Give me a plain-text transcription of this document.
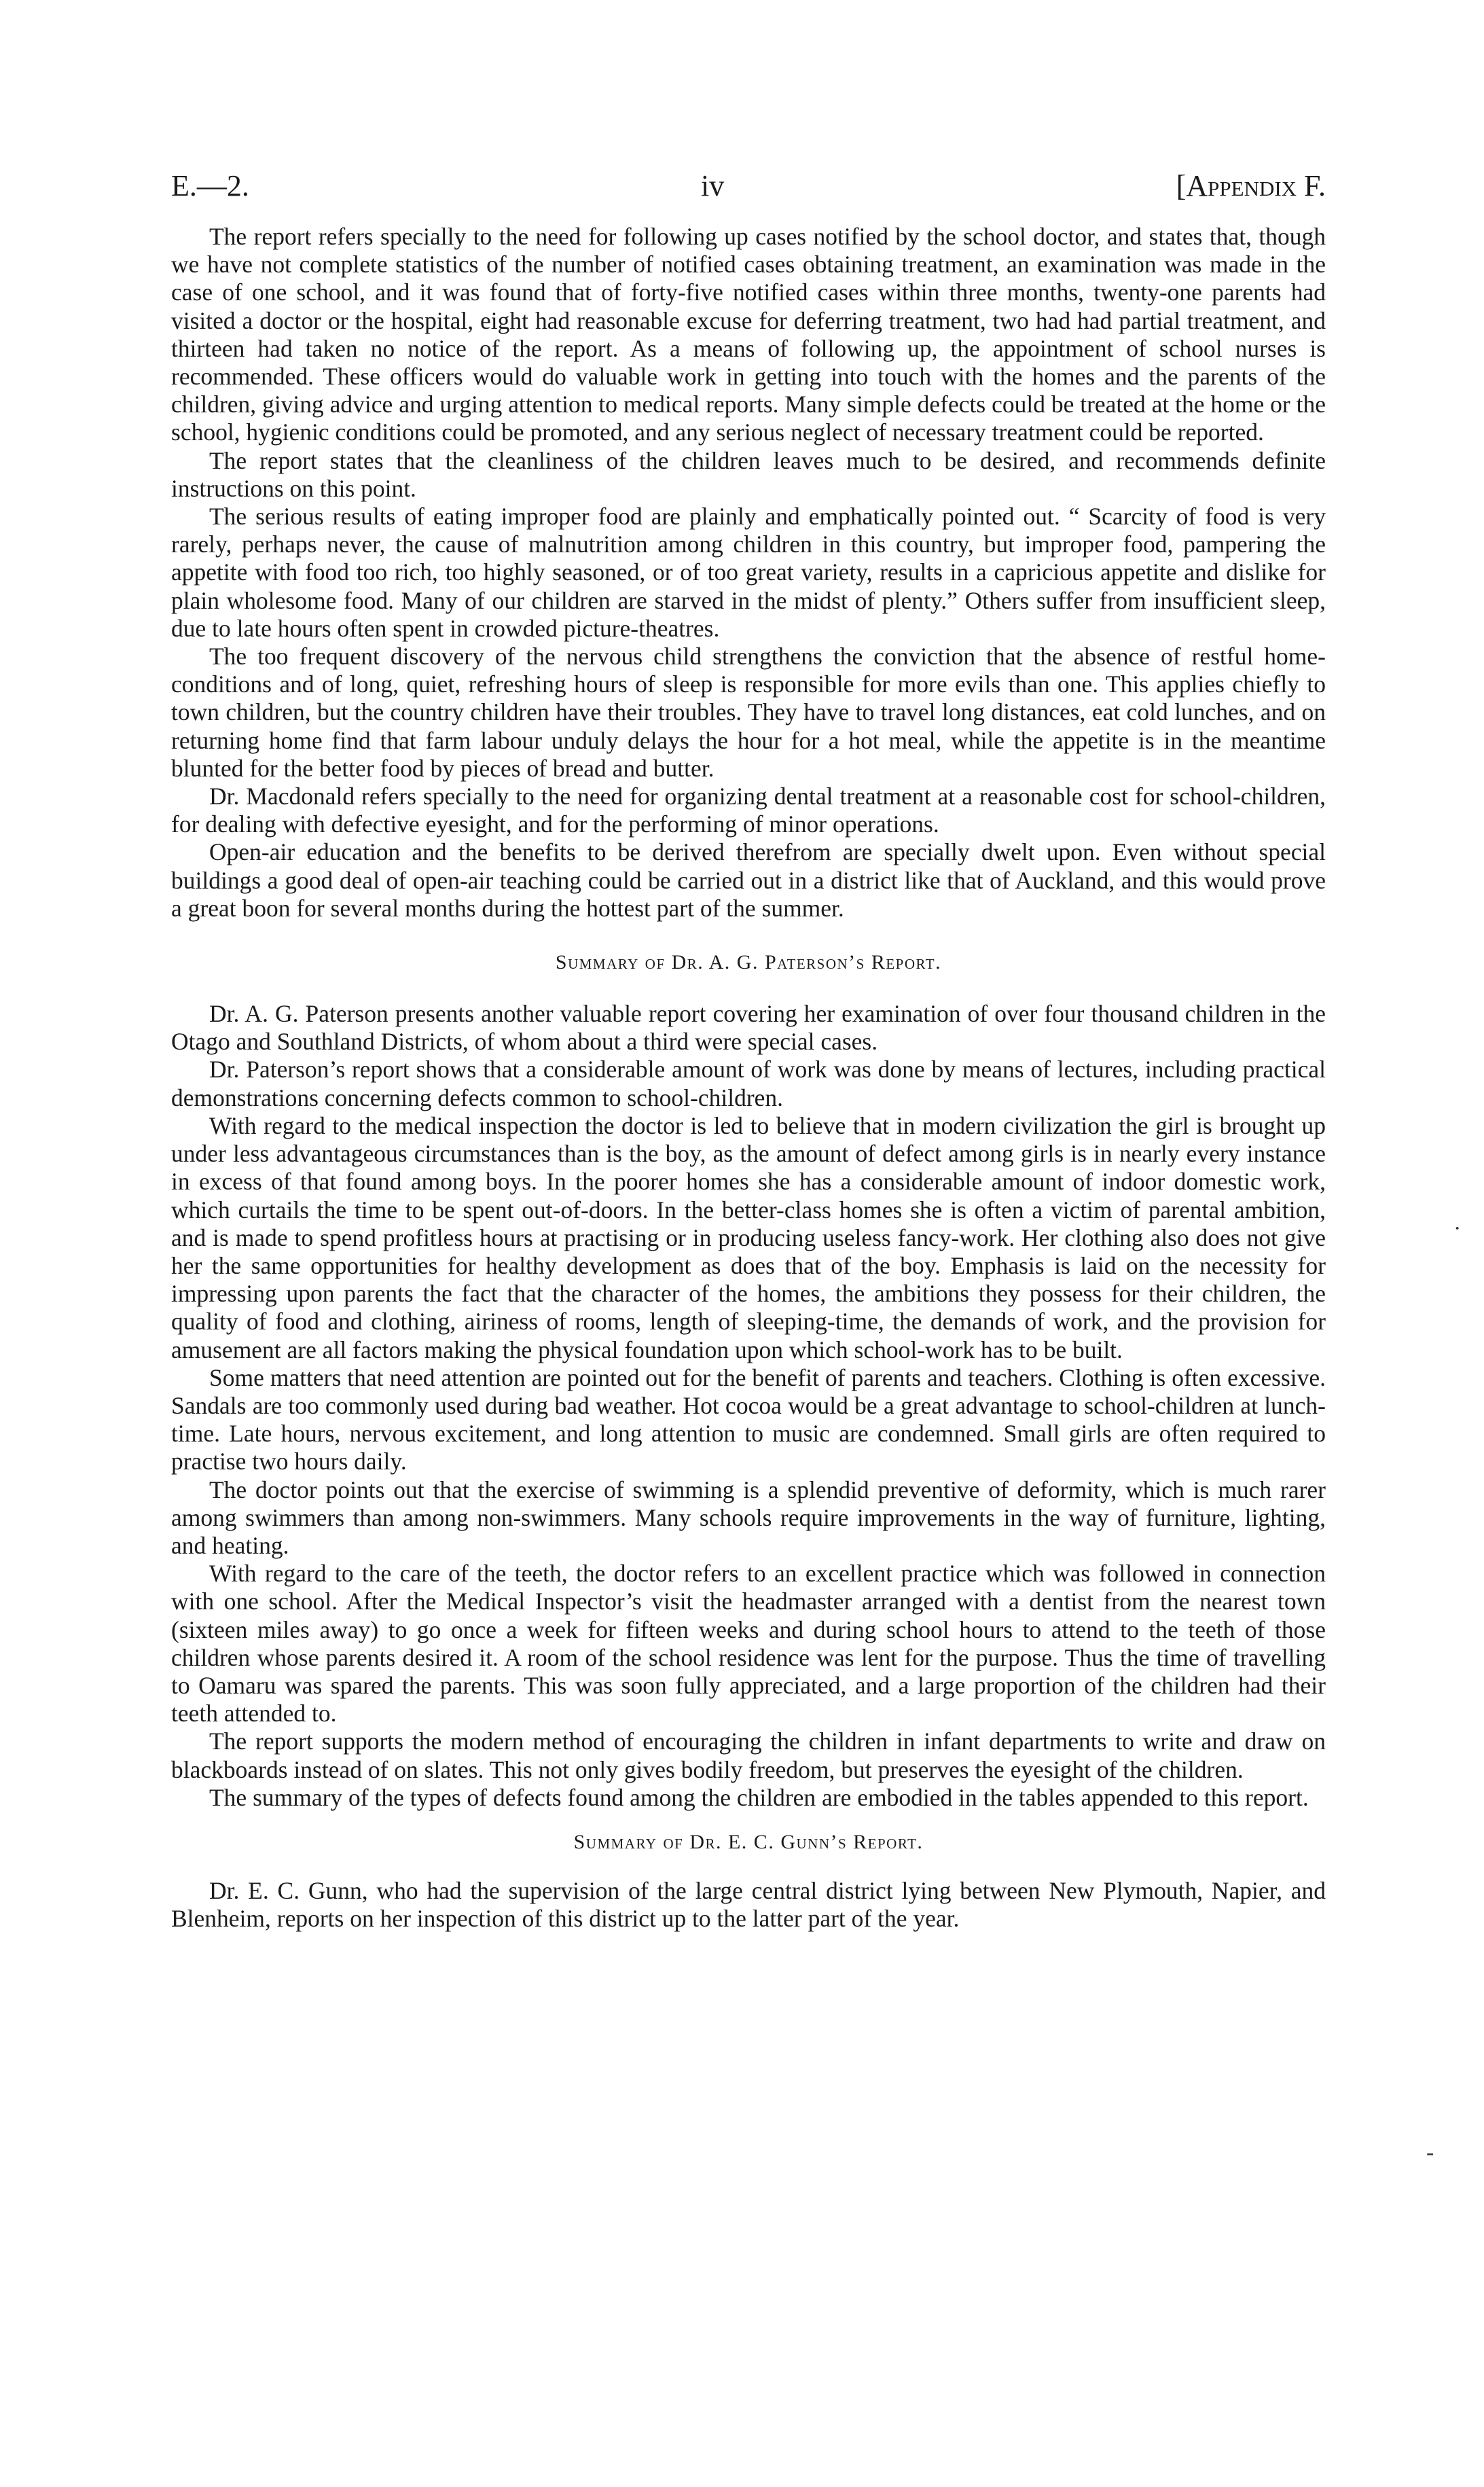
E.—2.	iv	[Appendix F.

The report refers specially to the need for following up cases notified by the school doctor, and states that, though we have not complete statistics of the number of notified cases obtaining treatment, an examination was made in the case of one school, and it was found that of forty-five notified cases within three months, twenty-one parents had visited a doctor or the hospital, eight had reasonable excuse for deferring treatment, two had had partial treatment, and thirteen had taken no notice of the report. As a means of following up, the appointment of school nurses is recommended. These officers would do valuable work in getting into touch with the homes and the parents of the children, giving advice and urging attention to medical reports. Many simple defects could be treated at the home or the school, hygienic conditions could be promoted, and any serious neglect of necessary treatment could be reported.

The report states that the cleanliness of the children leaves much to be desired, and recommends definite instructions on this point.

The serious results of eating improper food are plainly and emphatically pointed out. “ Scarcity of food is very rarely, perhaps never, the cause of malnutrition among children in this country, but improper food, pampering the appetite with food too rich, too highly seasoned, or of too great variety, results in a capricious appetite and dislike for plain wholesome food. Many of our children are starved in the midst of plenty.” Others suffer from insufficient sleep, due to late hours often spent in crowded picture-theatres.

The too frequent discovery of the nervous child strengthens the conviction that the absence of restful home-conditions and of long, quiet, refreshing hours of sleep is responsible for more evils than one. This applies chiefly to town children, but the country children have their troubles. They have to travel long distances, eat cold lunches, and on returning home find that farm labour unduly delays the hour for a hot meal, while the appetite is in the meantime blunted for the better food by pieces of bread and butter.

Dr. Macdonald refers specially to the need for organizing dental treatment at a reasonable cost for school-children, for dealing with defective eyesight, and for the performing of minor operations.

Open-air education and the benefits to be derived therefrom are specially dwelt upon. Even without special buildings a good deal of open-air teaching could be carried out in a district like that of Auckland, and this would prove a great boon for several months during the hottest part of the summer.

Summary of Dr. A. G. Paterson’s Report.

Dr. A. G. Paterson presents another valuable report covering her examination of over four thousand children in the Otago and Southland Districts, of whom about a third were special cases.

Dr. Paterson’s report shows that a considerable amount of work was done by means of lectures, including practical demonstrations concerning defects common to school-children.

With regard to the medical inspection the doctor is led to believe that in modern civilization the girl is brought up under less advantageous circumstances than is the boy, as the amount of defect among girls is in nearly every instance in excess of that found among boys. In the poorer homes she has a considerable amount of indoor domestic work, which curtails the time to be spent out-of-doors. In the better-class homes she is often a victim of parental ambition, and is made to spend profitless hours at practising or in producing useless fancy-work. Her clothing also does not give her the same opportunities for healthy development as does that of the boy. Emphasis is laid on the necessity for impressing upon parents the fact that the character of the homes, the ambitions they possess for their children, the quality of food and clothing, airiness of rooms, length of sleeping-time, the demands of work, and the provision for amusement are all factors making the physical foundation upon which school-work has to be built.

Some matters that need attention are pointed out for the benefit of parents and teachers. Clothing is often excessive. Sandals are too commonly used during bad weather. Hot cocoa would be a great advantage to school-children at lunch-time. Late hours, nervous excitement, and long attention to music are condemned. Small girls are often required to practise two hours daily.

The doctor points out that the exercise of swimming is a splendid preventive of deformity, which is much rarer among swimmers than among non-swimmers. Many schools require improvements in the way of furniture, lighting, and heating.

With regard to the care of the teeth, the doctor refers to an excellent practice which was followed in connection with one school. After the Medical Inspector’s visit the headmaster arranged with a dentist from the nearest town (sixteen miles away) to go once a week for fifteen weeks and during school hours to attend to the teeth of those children whose parents desired it. A room of the school residence was lent for the purpose. Thus the time of travelling to Oamaru was spared the parents. This was soon fully appreciated, and a large proportion of the children had their teeth attended to.

The report supports the modern method of encouraging the children in infant departments to write and draw on blackboards instead of on slates. This not only gives bodily freedom, but preserves the eyesight of the children.

The summary of the types of defects found among the children are embodied in the tables appended to this report.

Summary of Dr. E. C. Gunn’s Report.

Dr. E. C. Gunn, who had the supervision of the large central district lying between New Plymouth, Napier, and Blenheim, reports on her inspection of this district up to the latter part of the year.

·
-
